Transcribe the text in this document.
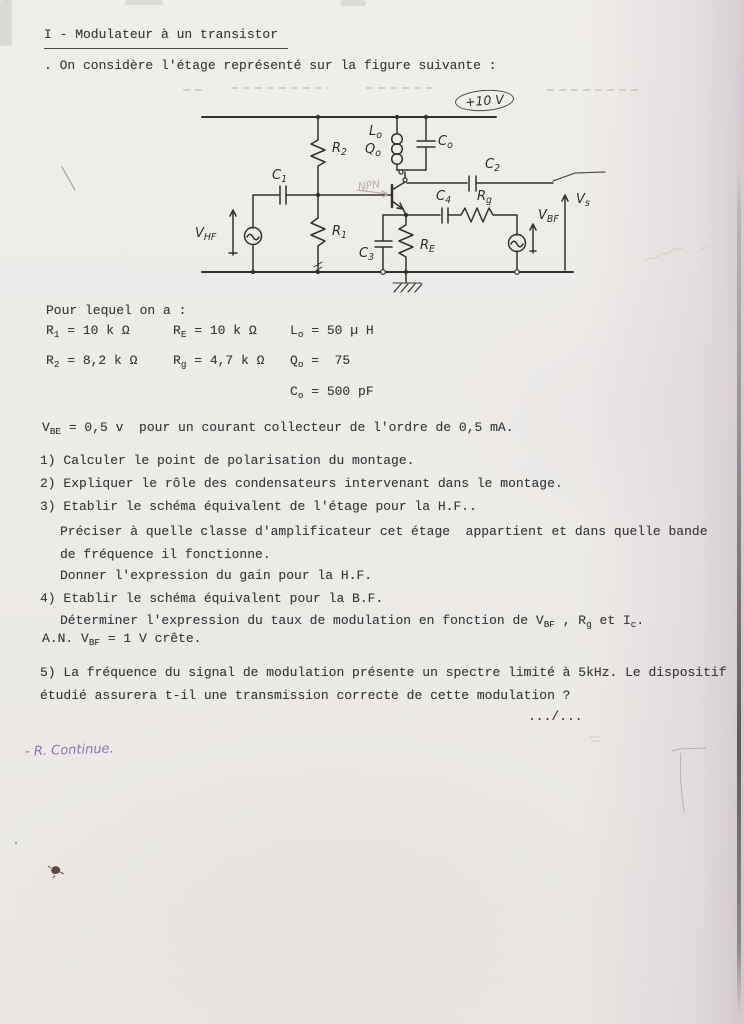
I - Modulateur à un transistor
. On considère l'étage représenté sur la figure suivante :
+10 V
$C_1$
$R_2$
$L_o$
$Q_o$
$C_o$
$C_2$
$C_4$ $R_g$
NPN
$R_1$
$C_3$
$R_E$
$V_{HF}$
$V_{BF}$
$V_s$
Pour lequel on a :
$R_1 = 10$ k Ω	$R_E = 10$ k Ω	$L_o = 50$ µ H
$R_2 = 8,2$ k Ω	$R_g = 4,7$ k Ω $Q_o = 75$
$C_o = 500$ pF
$V_{BE} = 0,5$ v  pour un courant collecteur de l'ordre de 0,5 mA.
1) Calculer le point de polarisation du montage.
2) Expliquer le rôle des condensateurs intervenant dans le montage.
3) Etablir le schéma équivalent de l'étage pour la H.F..
Préciser à quelle classe d'amplificateur cet étage  appartient et dans quelle bande
de fréquence il fonctionne.
Donner l'expression du gain pour la H.F.
4) Etablir le schéma équivalent pour la B.F.
Déterminer l'expression du taux de modulation en fonction de $V_{BF}$ , $R_g$ et $I_c$.
A.N. $V_{BF} = 1$ V crête.
5) La fréquence du signal de modulation présente un spectre limité à 5kHz. Le dispositif
étudié assurera t-il une transmission correcte de cette modulation ?
.../...
- R. Continue.
